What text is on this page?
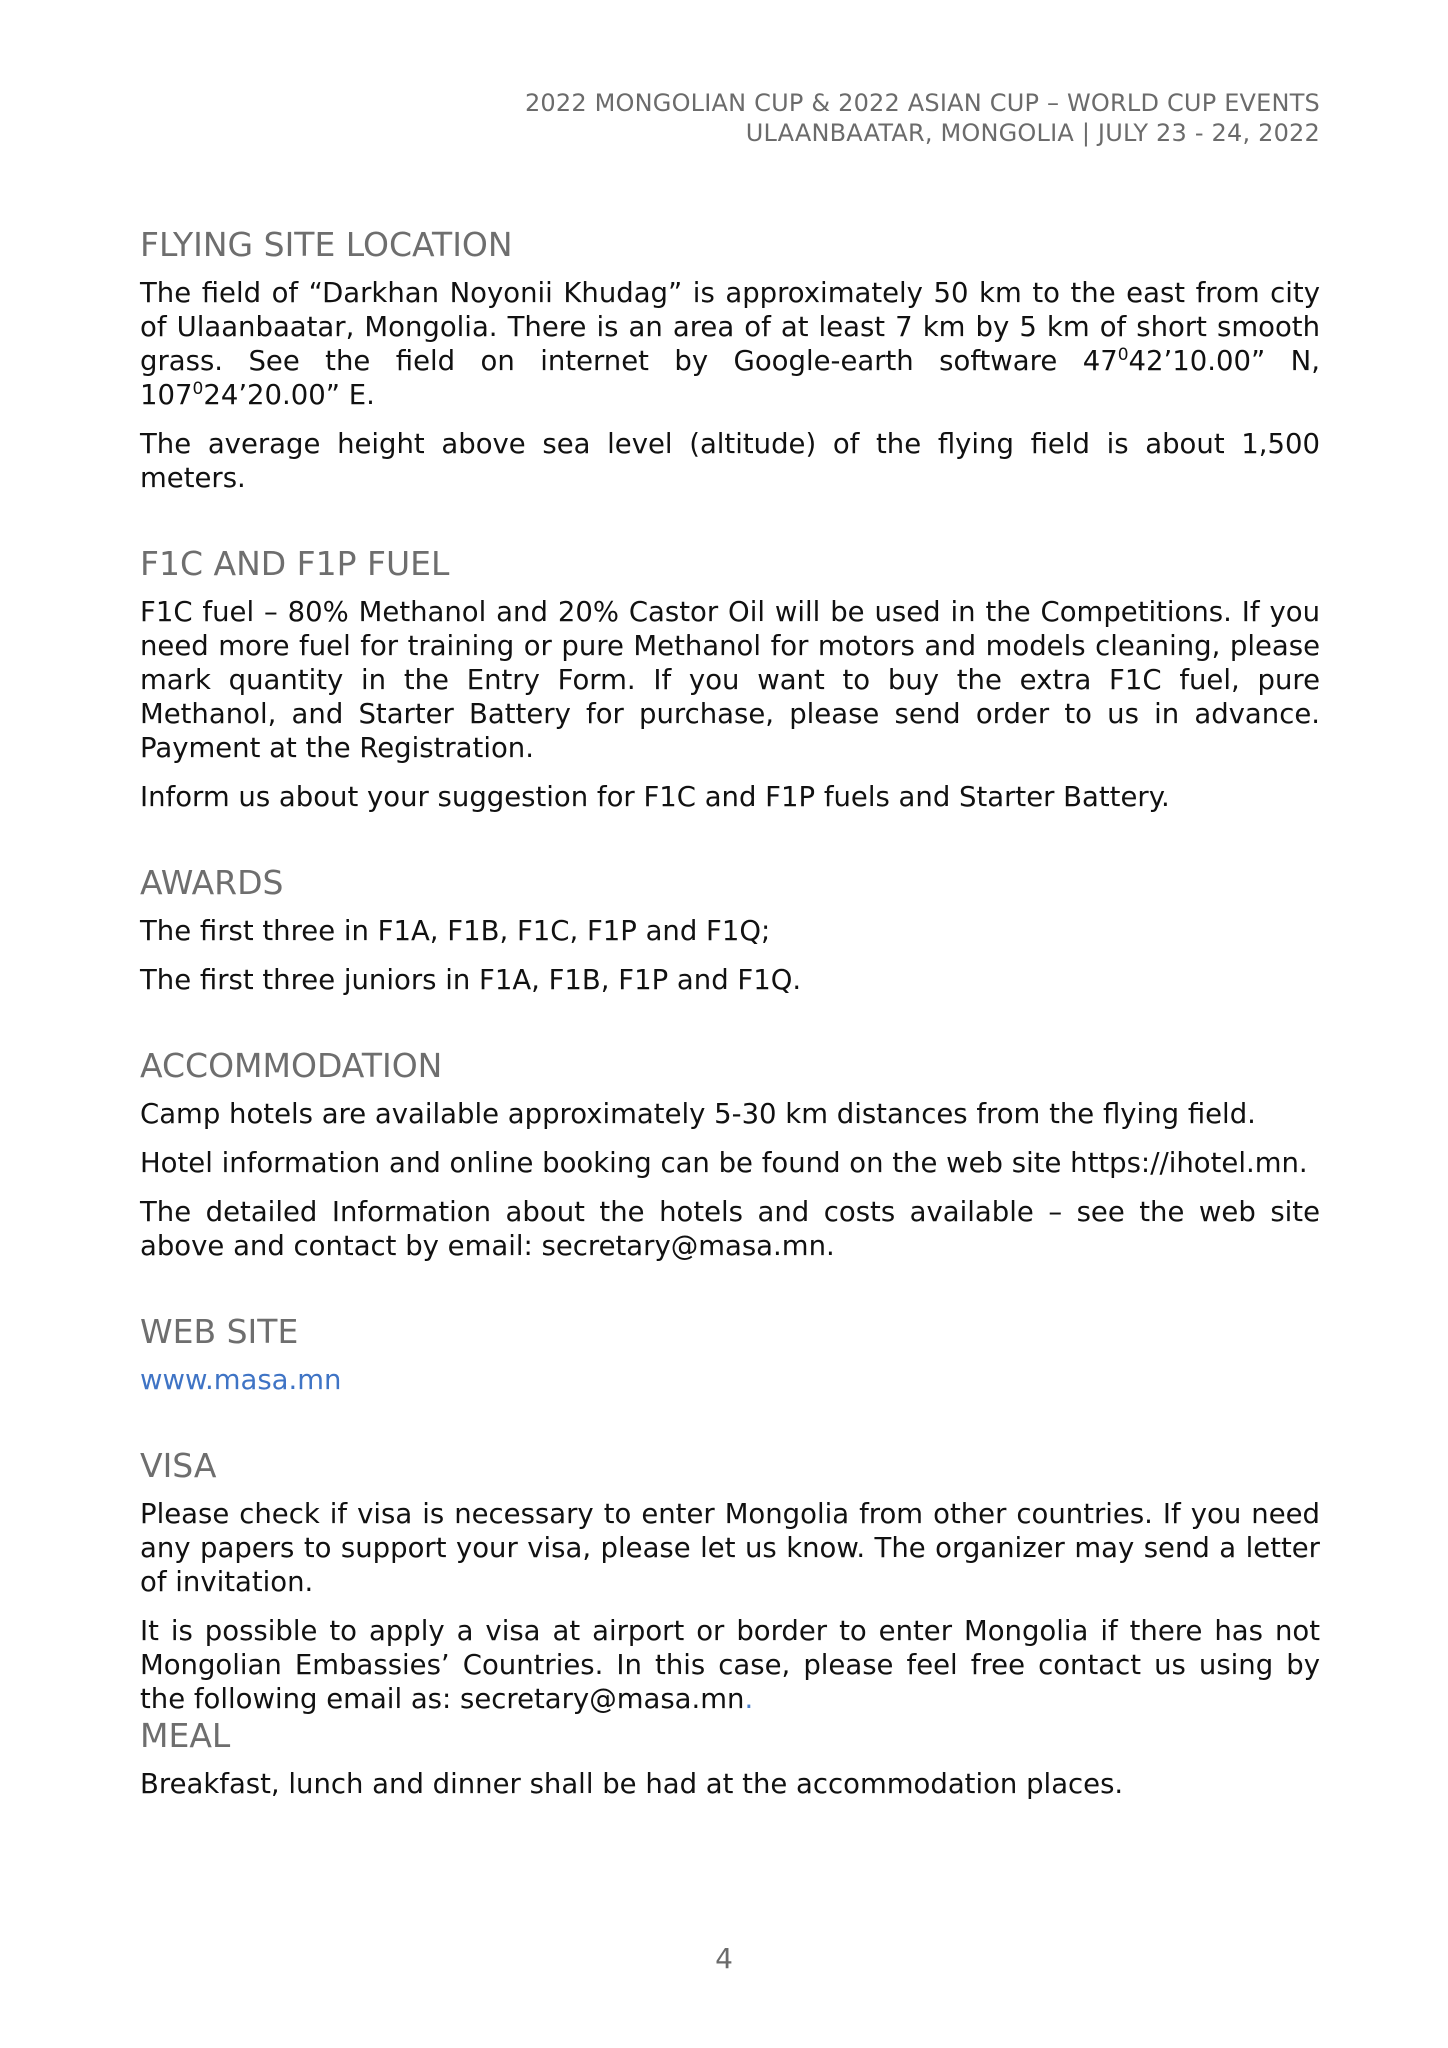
2022 MONGOLIAN CUP & 2022 ASIAN CUP – WORLD CUP EVENTS
ULAANBAATAR, MONGOLIA | JULY 23 - 24, 2022
FLYING SITE LOCATION

The field of “Darkhan Noyonii Khudag” is approximately 50 km to the east from city of Ulaanbaatar, Mongolia. There is an area of at least 7 km by 5 km of short smooth grass. See the field on internet by Google-earth software $47^042’10.00$” N, $107^024’20.00$” E.

The average height above sea level (altitude) of the flying field is about 1,500 meters.

F1C AND F1P FUEL

F1C fuel – 80% Methanol and 20% Castor Oil will be used in the Competitions. If you need more fuel for training or pure Methanol for motors and models cleaning, please mark quantity in the Entry Form. If you want to buy the extra F1C fuel, pure Methanol, and Starter Battery for purchase, please send order to us in advance. Payment at the Registration.

Inform us about your suggestion for F1C and F1P fuels and Starter Battery.

AWARDS

The first three in F1A, F1B, F1C, F1P and F1Q;

The first three juniors in F1A, F1B, F1P and F1Q.

ACCOMMODATION

Camp hotels are available approximately 5-30 km distances from the flying field.

Hotel information and online booking can be found on the web site https://ihotel.mn.

The detailed Information about the hotels and costs available – see the web site above and contact by email: secretary@masa.mn.

WEB SITE
www.masa.mn
VISA

Please check if visa is necessary to enter Mongolia from other countries. If you need any papers to support your visa, please let us know. The organizer may send a letter of invitation.

It is possible to apply a visa at airport or border to enter Mongolia if there has not Mongolian Embassies’ Countries. In this case, please feel free contact us using by the following email as: secretary@masa.mn.

MEAL

Breakfast, lunch and dinner shall be had at the accommodation places.

4
